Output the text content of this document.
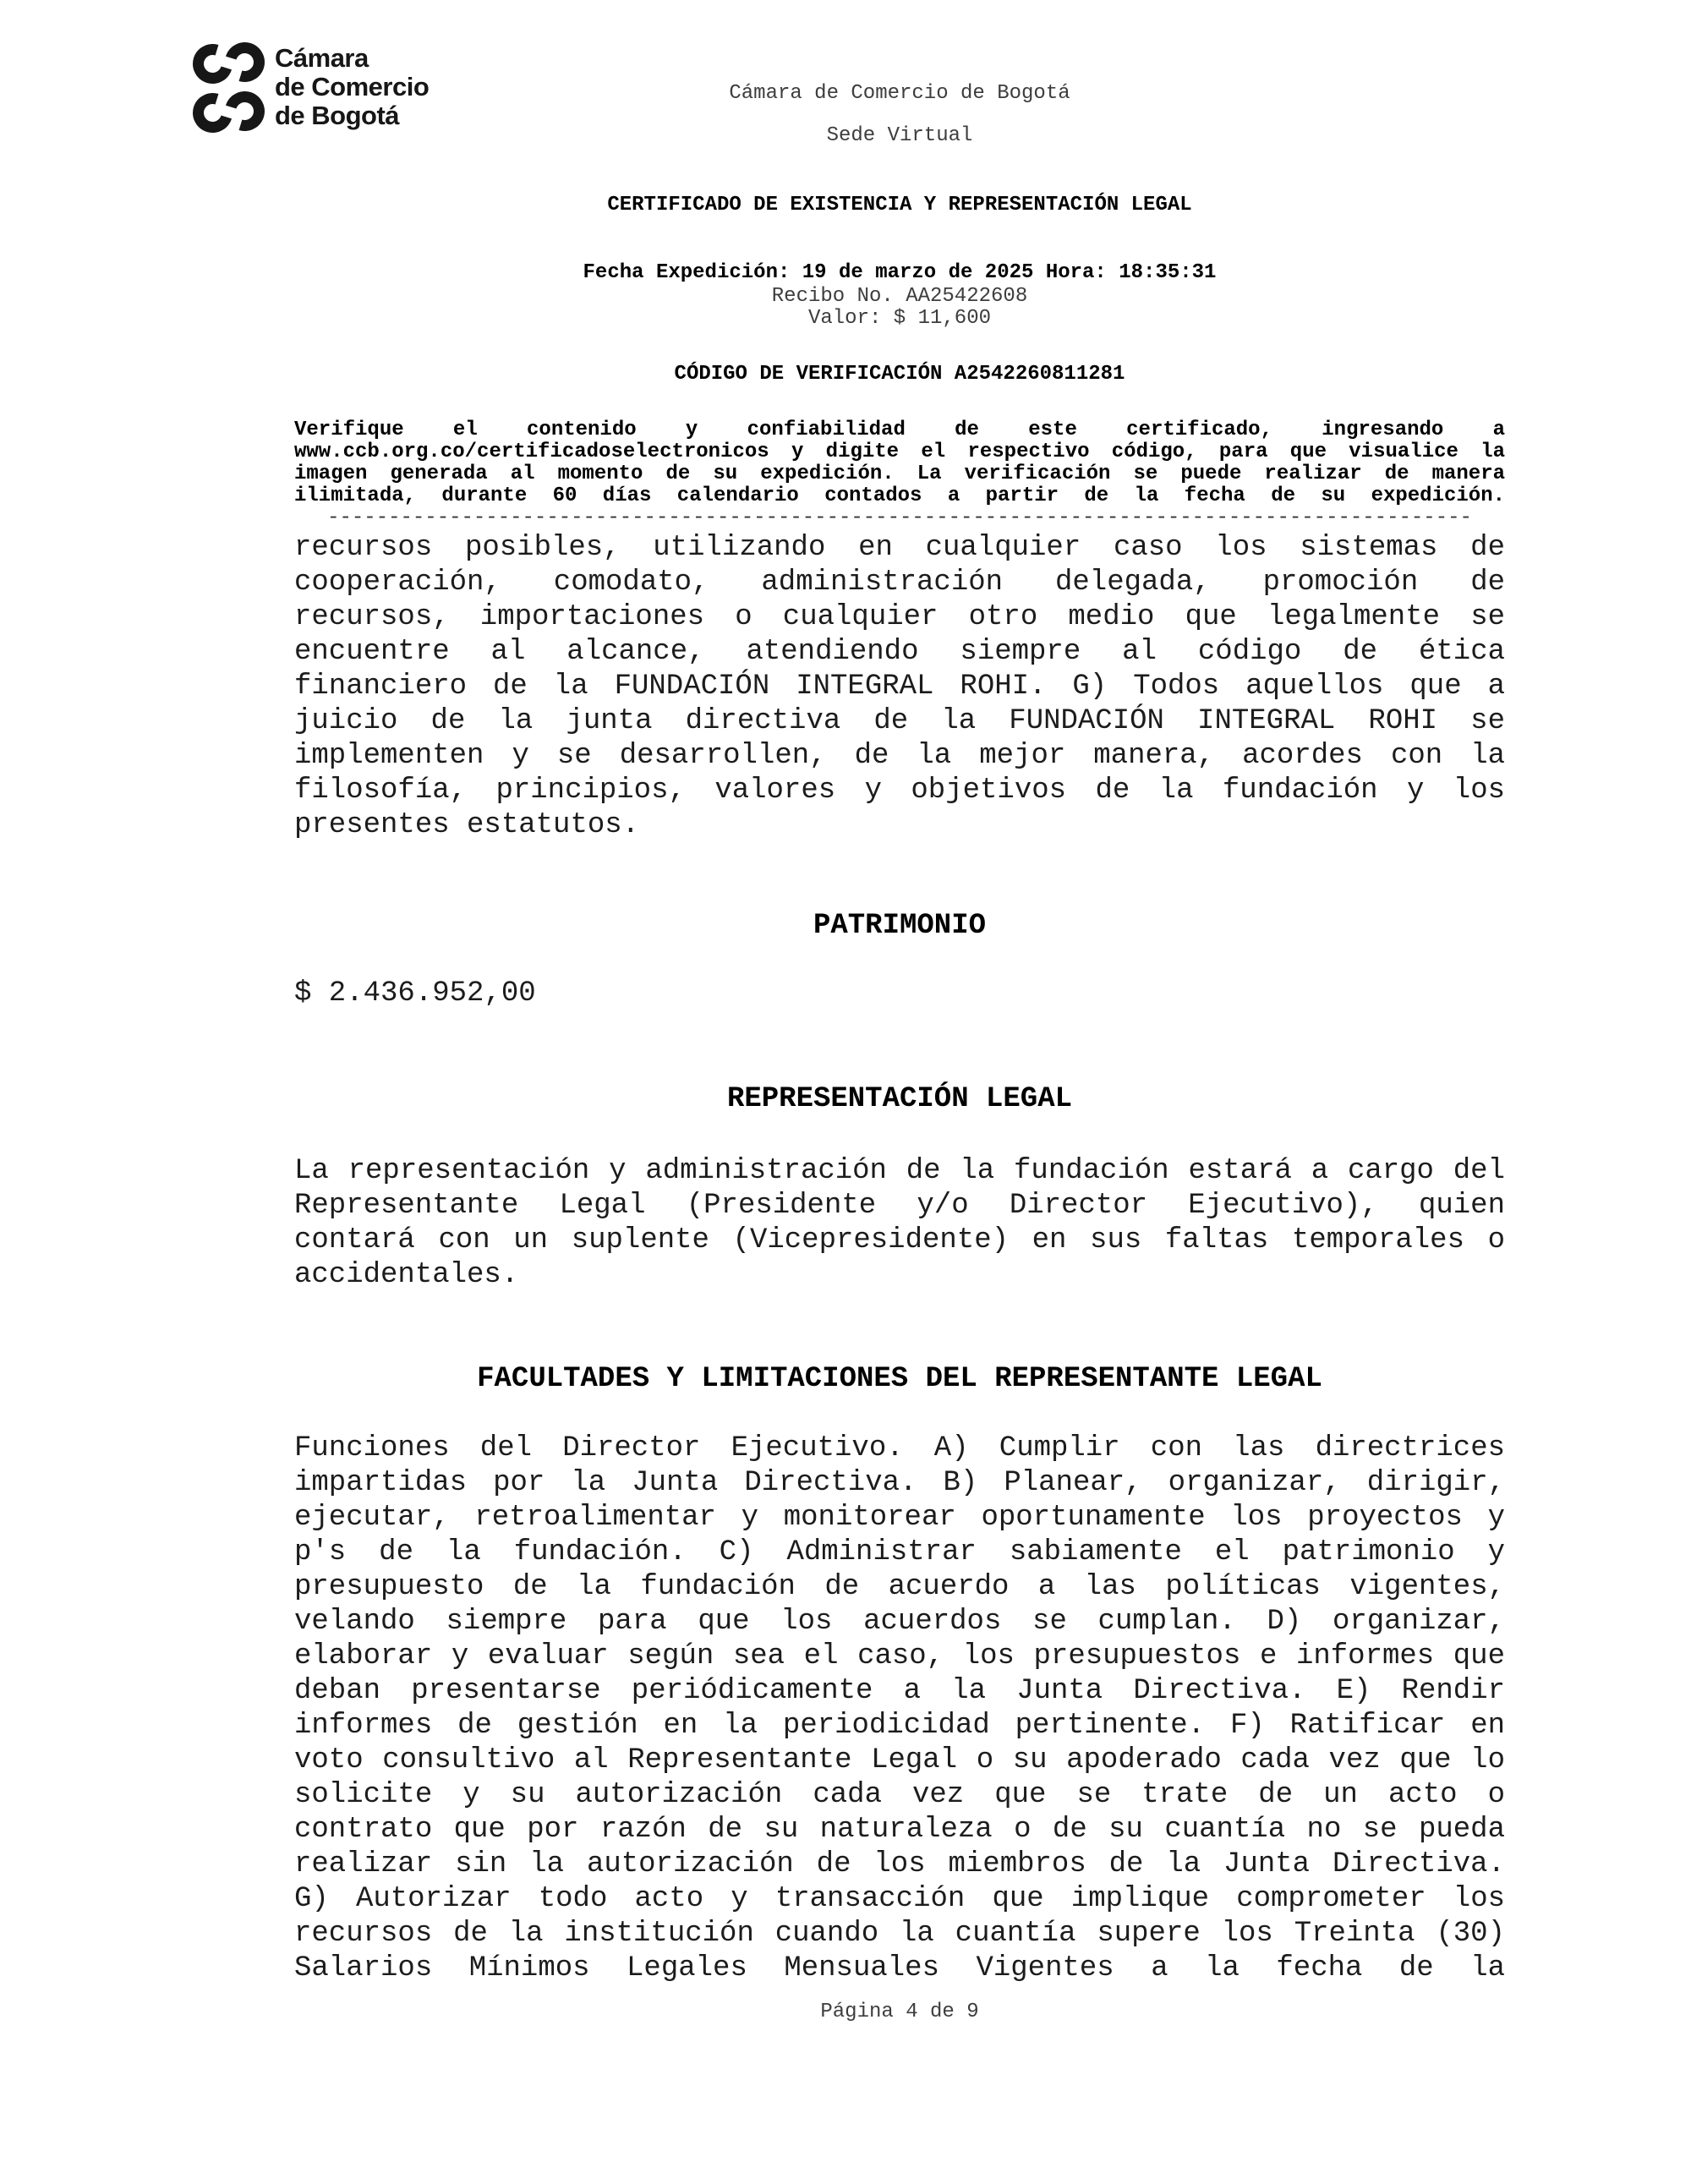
Cámara
de Comercio
de Bogotá
Cámara de Comercio de Bogotá
Sede Virtual
CERTIFICADO DE EXISTENCIA Y REPRESENTACIÓN LEGAL
Fecha Expedición: 19 de marzo de 2025 Hora: 18:35:31
Recibo No. AA25422608
Valor: $ 11,600
CÓDIGO DE VERIFICACIÓN A2542260811281
Verifique el contenido y confiabilidad de este certificado, ingresando a
www.ccb.org.co/certificadoselectronicos y digite el respectivo código, para que visualice la
imagen generada al momento de su expedición. La verificación se puede realizar de manera
ilimitada, durante 60 días calendario contados a partir de la fecha de su expedición.
----------------------------------------------------------------------------------------------
recursos posibles, utilizando en cualquier caso los sistemas de
cooperación, comodato, administración delegada, promoción de
recursos, importaciones o cualquier otro medio que legalmente se
encuentre al alcance, atendiendo siempre al código de ética
financiero de la FUNDACIÓN INTEGRAL ROHI. G) Todos aquellos que a
juicio de la junta directiva de la FUNDACIÓN INTEGRAL ROHI se
implementen y se desarrollen, de la mejor manera, acordes con la
filosofía, principios, valores y objetivos de la fundación y los
presentes estatutos.
PATRIMONIO
$ 2.436.952,00
REPRESENTACIÓN LEGAL
La representación y administración de la fundación estará a cargo del
Representante Legal (Presidente y/o Director Ejecutivo), quien
contará con un suplente (Vicepresidente) en sus faltas temporales o
accidentales.
FACULTADES Y LIMITACIONES DEL REPRESENTANTE LEGAL
Funciones del Director Ejecutivo. A) Cumplir con las directrices
impartidas por la Junta Directiva. B) Planear, organizar, dirigir,
ejecutar, retroalimentar y monitorear oportunamente los proyectos y
p's de la fundación. C) Administrar sabiamente el patrimonio y
presupuesto de la fundación de acuerdo a las políticas vigentes,
velando siempre para que los acuerdos se cumplan. D) organizar,
elaborar y evaluar según sea el caso, los presupuestos e informes que
deban presentarse periódicamente a la Junta Directiva. E) Rendir
informes de gestión en la periodicidad pertinente. F) Ratificar en
voto consultivo al Representante Legal o su apoderado cada vez que lo
solicite y su autorización cada vez que se trate de un acto o
contrato que por razón de su naturaleza o de su cuantía no se pueda
realizar sin la autorización de los miembros de la Junta Directiva.
G) Autorizar todo acto y transacción que implique comprometer los
recursos de la institución cuando la cuantía supere los Treinta (30)
Salarios Mínimos Legales Mensuales Vigentes a la fecha de la
Página 4 de 9
